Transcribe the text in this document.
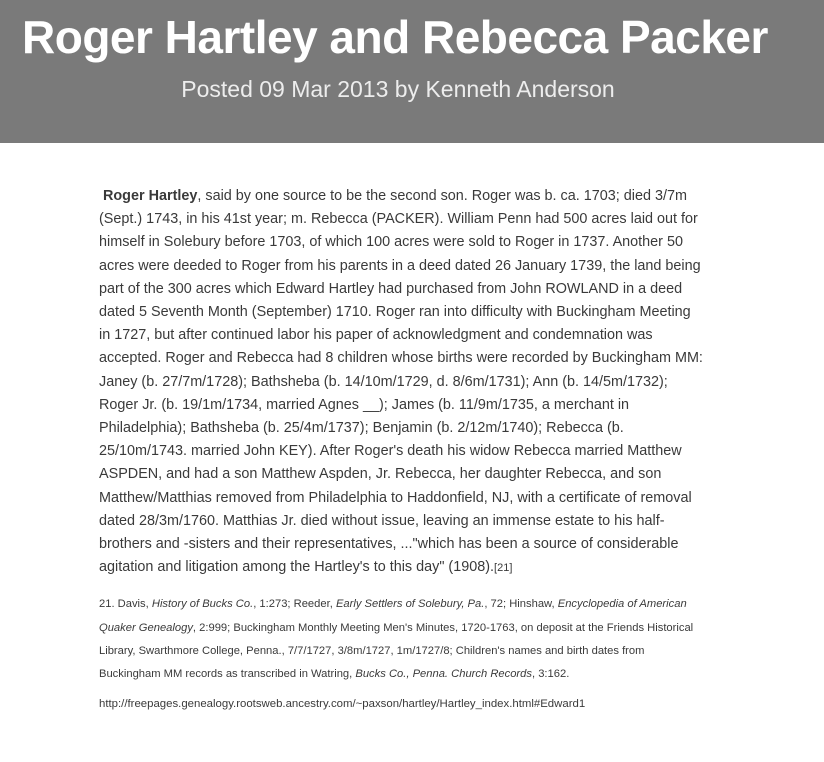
Roger Hartley and Rebecca Packer
Posted 09 Mar 2013 by Kenneth Anderson

Roger Hartley, said by one source to be the second son. Roger was b. ca. 1703; died 3/7m (Sept.) 1743, in his 41st year; m. Rebecca (PACKER). William Penn had 500 acres laid out for himself in Solebury before 1703, of which 100 acres were sold to Roger in 1737. Another 50 acres were deeded to Roger from his parents in a deed dated 26 January 1739, the land being part of the 300 acres which Edward Hartley had purchased from John ROWLAND in a deed dated 5 Seventh Month (September) 1710. Roger ran into difficulty with Buckingham Meeting in 1727, but after continued labor his paper of acknowledgment and condemnation was accepted. Roger and Rebecca had 8 children whose births were recorded by Buckingham MM: Janey (b. 27/7m/1728); Bathsheba (b. 14/10m/1729, d. 8/6m/1731); Ann (b. 14/5m/1732); Roger Jr. (b. 19/1m/1734, married Agnes __); James (b. 11/9m/1735, a merchant in Philadelphia); Bathsheba (b. 25/4m/1737); Benjamin (b. 2/12m/1740); Rebecca (b. 25/10m/1743. married John KEY). After Roger's death his widow Rebecca married Matthew ASPDEN, and had a son Matthew Aspden, Jr. Rebecca, her daughter Rebecca, and son Matthew/Matthias removed from Philadelphia to Haddonfield, NJ, with a certificate of removal dated 28/3m/1760. Matthias Jr. died without issue, leaving an immense estate to his half-brothers and -sisters and their representatives, ..."which has been a source of considerable agitation and litigation among the Hartley's to this day" (1908).[21]

21. Davis, History of Bucks Co., 1:273; Reeder, Early Settlers of Solebury, Pa., 72; Hinshaw, Encyclopedia of American Quaker Genealogy, 2:999; Buckingham Monthly Meeting Men's Minutes, 1720-1763, on deposit at the Friends Historical Library, Swarthmore College, Penna., 7/7/1727, 3/8m/1727, 1m/1727/8; Children's names and birth dates from Buckingham MM records as transcribed in Watring, Bucks Co., Penna. Church Records, 3:162.

http://freepages.genealogy.rootsweb.ancestry.com/~paxson/hartley/Hartley_index.html#Edward1
